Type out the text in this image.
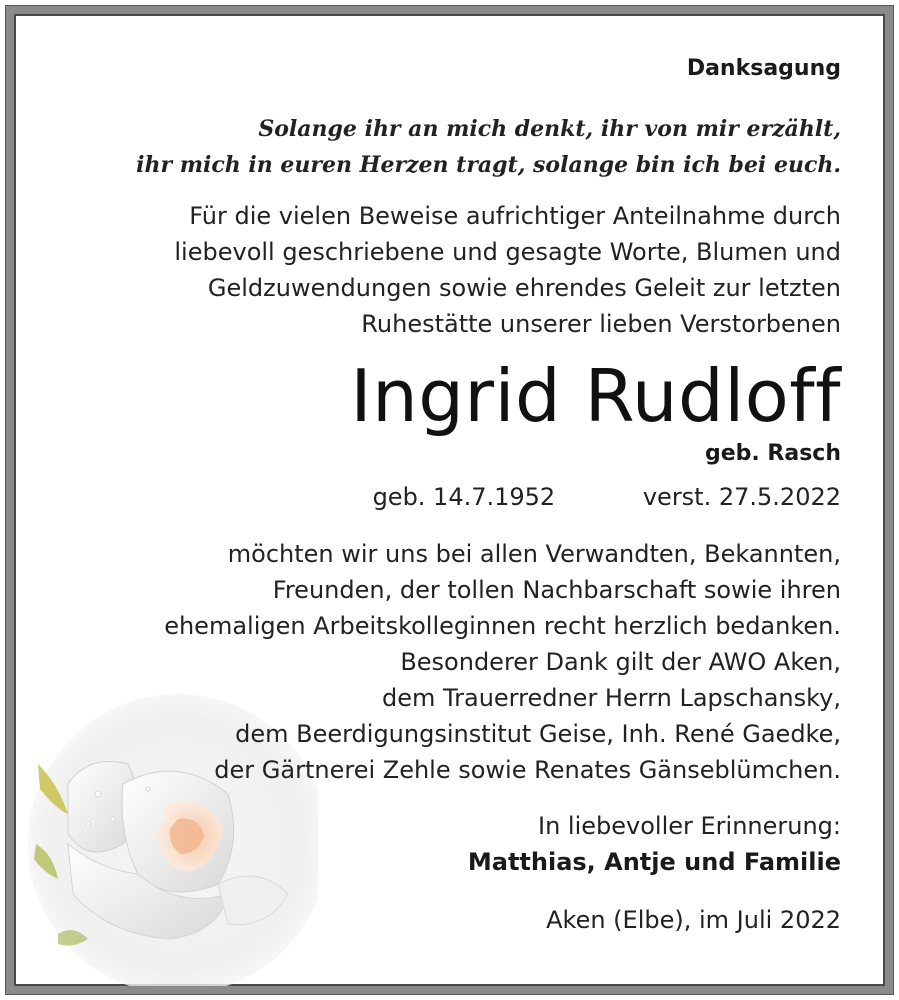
Danksagung
Solange ihr an mich denkt, ihr von mir erzählt,
ihr mich in euren Herzen tragt, solange bin ich bei euch.
Für die vielen Beweise aufrichtiger Anteilnahme durch
liebevoll geschriebene und gesagte Worte, Blumen und
Geldzuwendungen sowie ehrendes Geleit zur letzten
Ruhestätte unserer lieben Verstorbenen
Ingrid Rudloff
geb. Rasch
geb. 14.7.1952	verst. 27.5.2022
möchten wir uns bei allen Verwandten, Bekannten,
Freunden, der tollen Nachbarschaft sowie ihren
ehemaligen Arbeitskolleginnen recht herzlich bedanken.
Besonderer Dank gilt der AWO Aken,
dem Trauerredner Herrn Lapschansky,
dem Beerdigungsinstitut Geise, Inh. René Gaedke,
der Gärtnerei Zehle sowie Renates Gänseblümchen.
In liebevoller Erinnerung:
Matthias, Antje und Familie
Aken (Elbe), im Juli 2022
